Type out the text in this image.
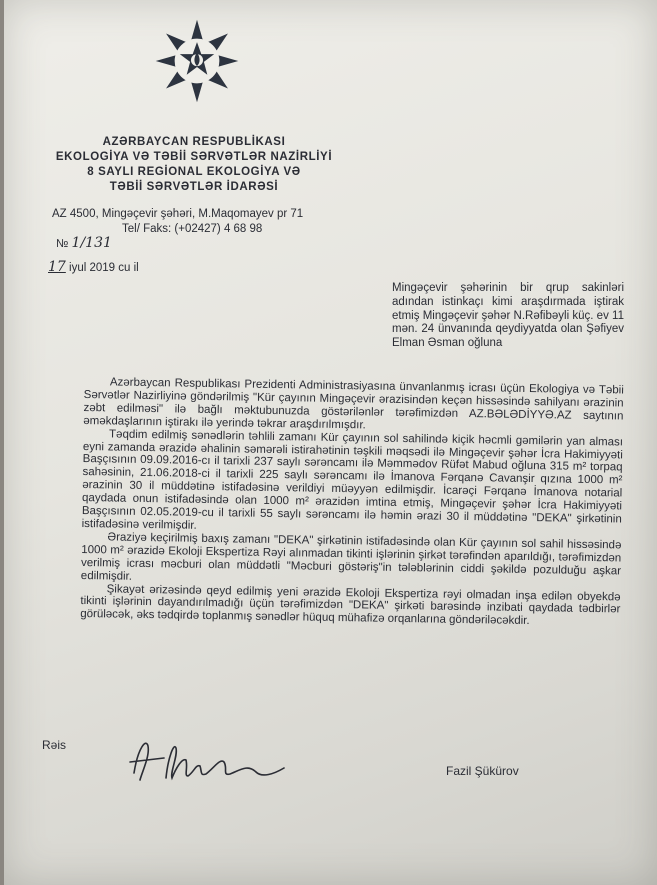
AZƏRBAYCAN RESPUBLİKASI
EKOLOGİYA VƏ TƏBİİ SƏRVƏTLƏR NAZİRLİYİ
8 SAYLI REGİONAL EKOLOGİYA VƏ
TƏBİİ SƏRVƏTLƏR İDARƏSİ
AZ 4500, Mingəçevir şəhəri, M.Maqomayev pr 71
Tel/ Faks: (+02427) 4 68 98
№ 1/131
17 iyul 2019 cu il
Mingəçevir şəhərinin bir qrup sakinləri adından istinkaçı kimi araşdırmada iştirak etmiş Mingəçevir şəhər N.Rəfibəyli küç. ev 11 mən. 24 ünvanında qeydiyyatda olan Şəfiyev Elman Əsman oğluna

Azərbaycan Respublikası Prezidenti Administrasiyasına ünvanlanmış icrası üçün Ekologiya və Təbii Sərvətlər Nazirliyinə göndərilmiş "Kür çayının Mingəçevir ərazisindən keçən hissəsində sahilyanı ərazinin zəbt edilməsi" ilə bağlı məktubunuzda göstərilənlər tərəfimizdən AZ.BƏLƏDİYYƏ.AZ saytının əməkdaşlarının iştirakı ilə yerində təkrar araşdırılmışdır.

Təqdim edilmiş sənədlərin təhlili zamanı Kür çayının sol sahilində kiçik həcmli gəmilərin yan alması eyni zamanda ərazidə əhalinin səmərəli istirahətinin təşkili məqsədi ilə Mingəçevir şəhər İcra Hakimiyyəti Başçısının 09.09.2016-cı il tarixli 237 saylı sərəncamı ilə Məmmədov Rüfət Mabud oğluna 315 m² torpaq sahəsinin, 21.06.2018-ci il tarixli 225 saylı sərəncamı ilə İmanova Fərqanə Cavanşir qızına 1000 m² ərazinin 30 il müddətinə istifadəsinə verildiyi müəyyən edilmişdir. İcarəçi Fərqanə İmanova notarial qaydada onun istifadəsində olan 1000 m² ərazidən imtina etmiş, Mingəçevir şəhər İcra Hakimiyyəti Başçısının 02.05.2019-cu il tarixli 55 saylı sərəncamı ilə həmin ərazi 30 il müddətinə "DEKA" şirkətinin istifadəsinə verilmişdir.

Əraziyə keçirilmiş baxış zamanı "DEKA" şirkətinin istifadəsində olan Kür çayının sol sahil hissəsində 1000 m² ərazidə Ekoloji Ekspertiza Rəyi alınmadan tikinti işlərinin şirkət tərəfindən aparıldığı, tərəfimizdən verilmiş icrası məcburi olan müddətli "Məcburi göstəriş"in tələblərinin ciddi şəkildə pozulduğu aşkar edilmişdir.

Şikayət ərizəsində qeyd edilmiş yeni ərazidə Ekoloji Ekspertiza rəyi olmadan inşa edilən obyekdə tikinti işlərinin dayandırılmadığı üçün tərəfimizdən "DEKA" şirkəti barəsində inzibati qaydada tədbirlər görüləcək, əks tədqirdə toplanmış sənədlər hüquq mühafizə orqanlarına göndəriləcəkdir.

Rəis
Fazil Şükürov
